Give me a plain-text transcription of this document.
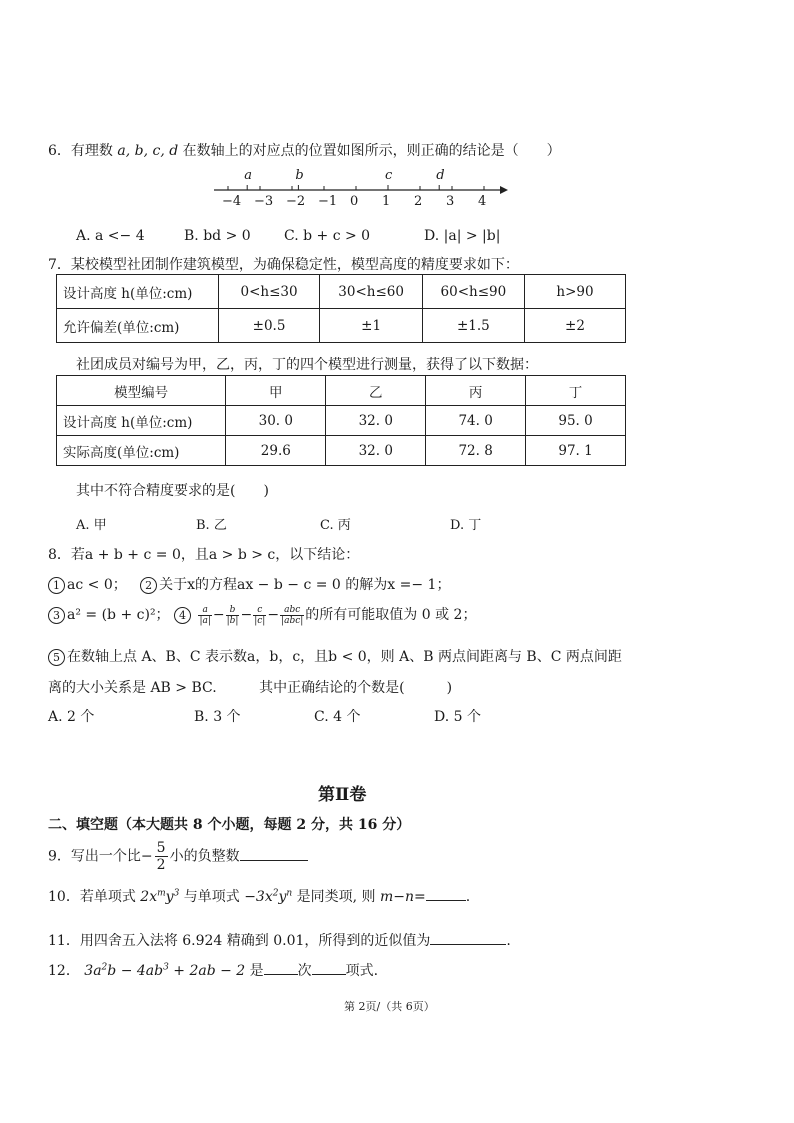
6．有理数 a, b, c, d 在数轴上的对应点的位置如图所示，则正确的结论是（　　）
−4 −3 −2 −1 0 1 2 3 4
a	b	c	d
A. a <− 4	B. bd > 0 C. b + c > 0	D. |a| > |b|
7．某校模型社团制作建筑模型，为确保稳定性，模型高度的精度要求如下：
设计高度 h(单位:cm)	0<h≤30	30<h≤60	60<h≤90	h>90
允许偏差(单位:cm)	±0.5	±1	±1.5	±2
社团成员对编号为甲，乙，丙，丁的四个模型进行测量，获得了以下数据：
模型编号	甲	乙	丙	丁
设计高度 h(单位:cm)	30. 0	32. 0	74. 0	95. 0
实际高度(单位:cm)	29.6	32. 0	72. 8	97. 1
其中不符合精度要求的是(　　)
A. 甲	B. 乙	C. 丙	D. 丁
8．若a + b + c = 0，且a > b > c，以下结论：
1 ac < 0； 2 关于x的方程ax − b − c = 0 的解为x =− 1；
3 a² = (b + c)²； $4 \frac{a}{|a|} - \frac{b}{|b|} - \frac{c}{|c|} - \frac{\text{abc}}{\text{|abc|}}$ 的所有可能取值为 0 或 2；
5 在数轴上点 A、B、C 表示数a，b，c，且b < 0，则 A、B 两点间距离与 B、C 两点间距
离的大小关系是 AB > BC.	其中正确结论的个数是(　　　)
A. 2 个	B. 3 个	C. 4 个	D. 5 个
第Ⅱ卷
二、填空题（本大题共 8 个小题，每题 2 分，共 16 分）
9．写出一个比− $\frac{5}{2}$ 小的负整数
10．若单项式 $2x^my^3$ 与单项式 $-3x^2y^n$ 是同类项, 则 m−n=	.
11．用四舍五入法将 6.924 精确到 0.01，所得到的近似值为	.
12． $3a^2b - 4ab^3 + 2ab - 2$ 是 次 项式.
第 2页/（共 6页）
